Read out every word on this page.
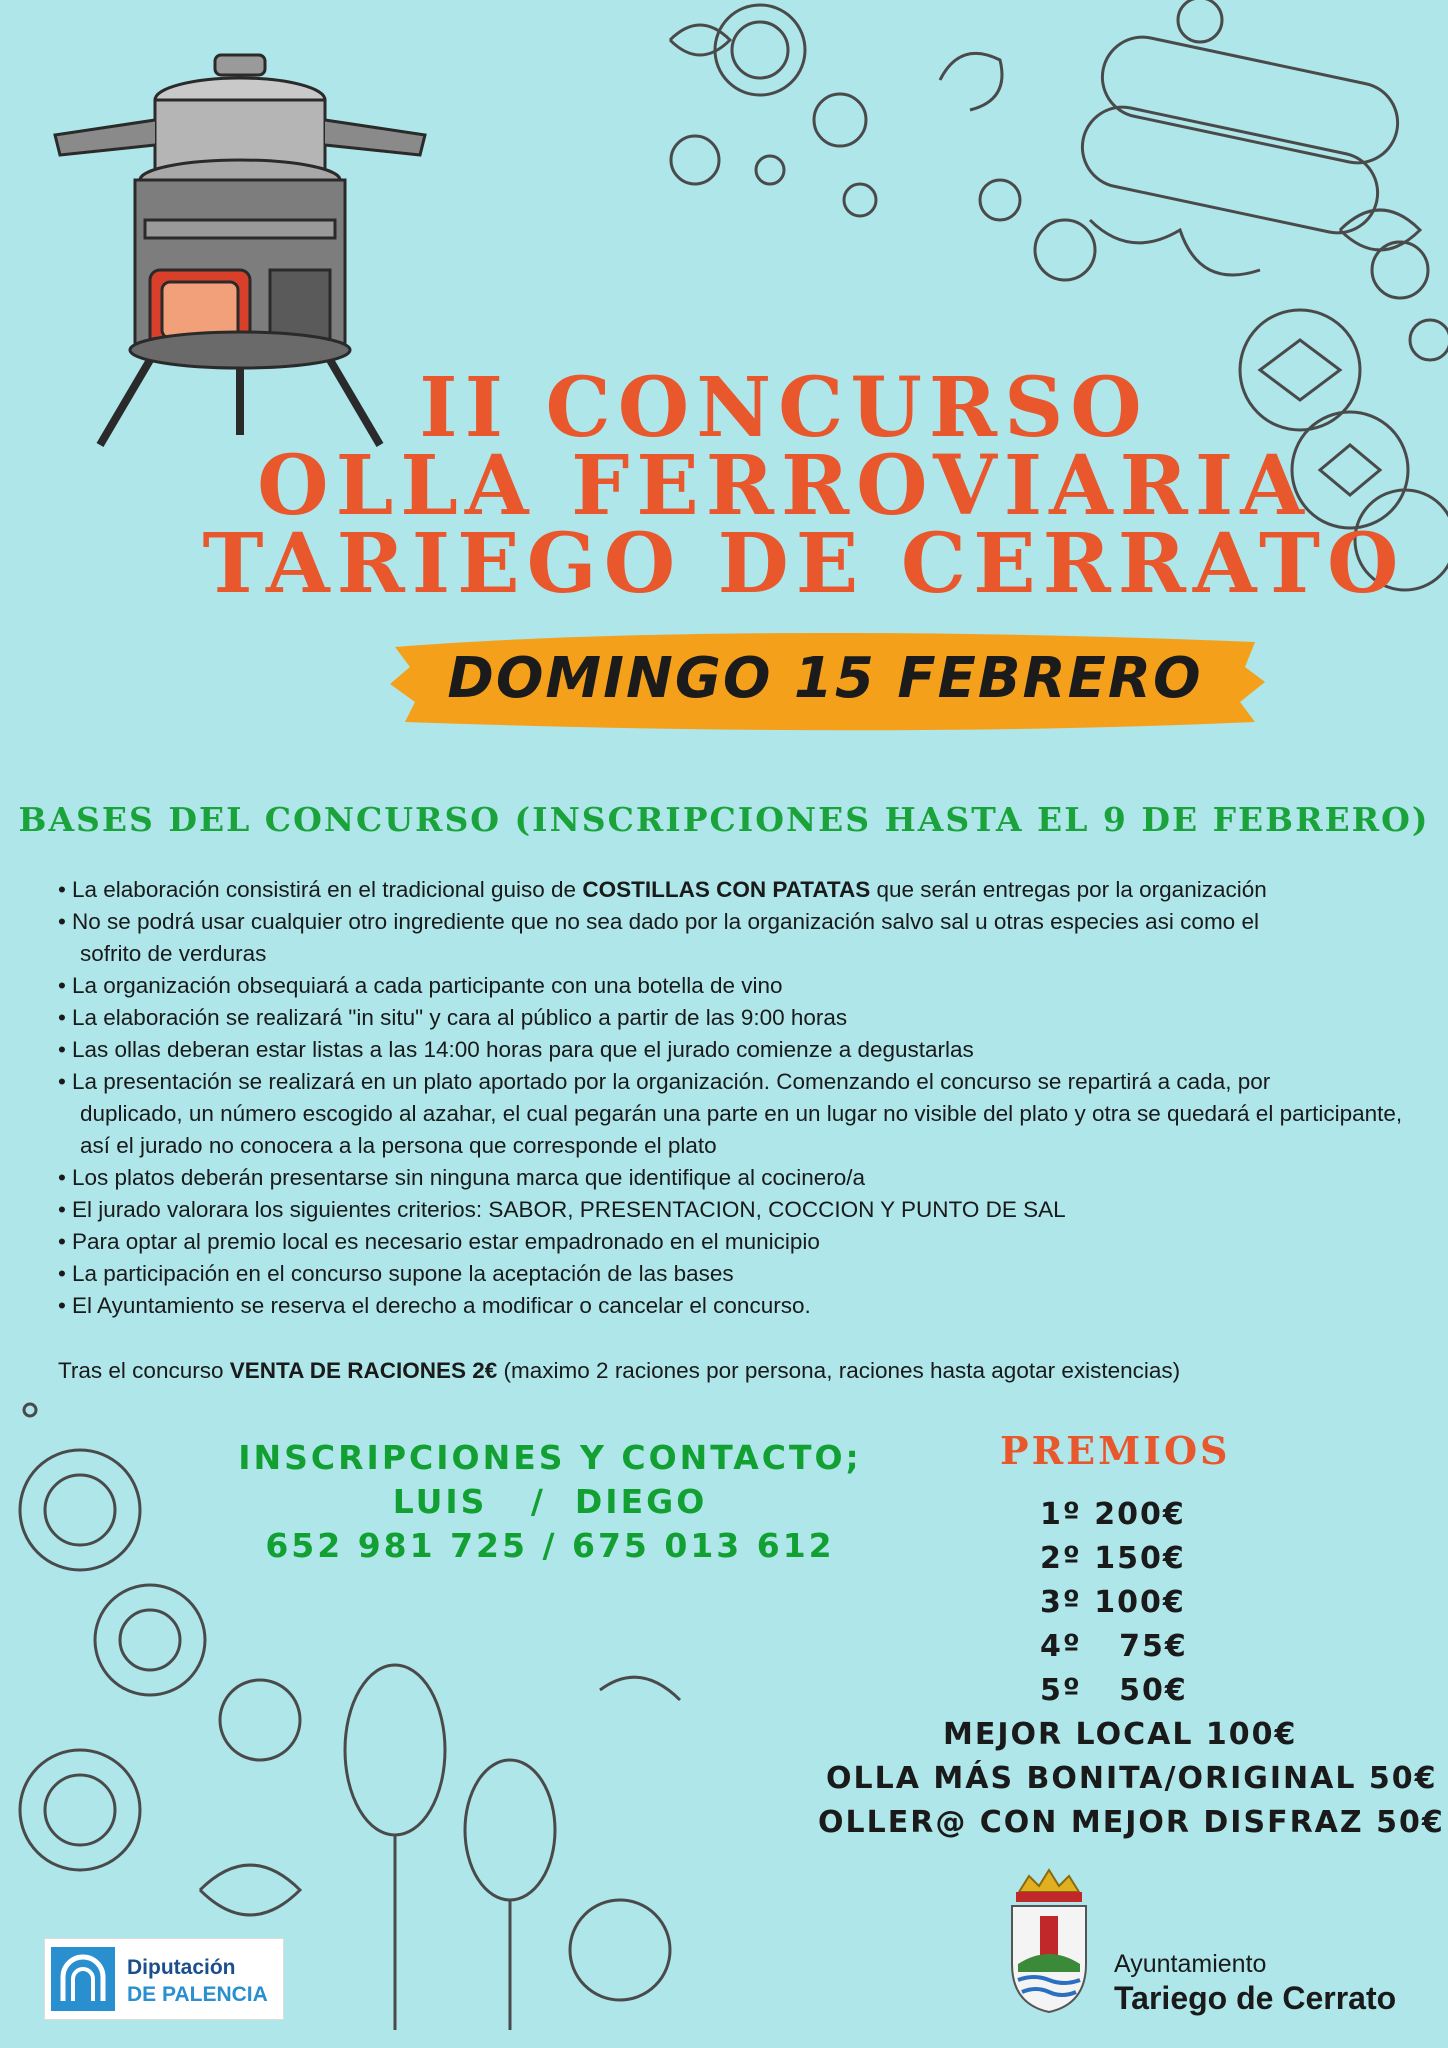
II CONCURSO
OLLA FERROVIARIA
TARIEGO DE CERRATO
DOMINGO 15 FEBRERO
BASES DEL CONCURSO (INSCRIPCIONES HASTA EL 9 DE FEBRERO)
• La elaboración consistirá en el tradicional guiso de COSTILLAS CON PATATAS que serán entregas por la organización
• No se podrá usar cualquier otro ingrediente que no sea dado por la organización salvo sal u otras especies asi como el
sofrito de verduras
• La organización obsequiará a cada participante con una botella de vino
• La elaboración se realizará "in situ" y cara al público a partir de las 9:00 horas
• Las ollas deberan estar listas a las 14:00 horas para que el jurado comienze a degustarlas
• La presentación se realizará en un plato aportado por la organización. Comenzando el concurso se repartirá a cada, por
duplicado, un número escogido al azahar, el cual pegarán una parte en un lugar no visible del plato y otra se quedará el participante, así el jurado no conocera a la persona que corresponde el plato
• Los platos deberán presentarse sin ninguna marca que identifique al cocinero/a
• El jurado valorara los siguientes criterios: SABOR, PRESENTACION, COCCION Y PUNTO DE SAL
• Para optar al premio local es necesario estar empadronado en el municipio
• La participación en el concurso supone la aceptación de las bases
• El Ayuntamiento se reserva el derecho a modificar o cancelar el concurso.
Tras el concurso VENTA DE RACIONES 2€ (maximo 2 raciones por persona, raciones hasta agotar existencias)
INSCRIPCIONES Y CONTACTO;
LUIS   /  DIEGO
652 981 725 / 675 013 612
PREMIOS
1º 200€
2º 150€
3º 100€
4º   75€
5º   50€
MEJOR LOCAL 100€
OLLA MÁS BONITA/ORIGINAL 50€
OLLER@ CON MEJOR DISFRAZ 50€
Diputación
DE PALENCIA
Ayuntamiento
Tariego de Cerrato
